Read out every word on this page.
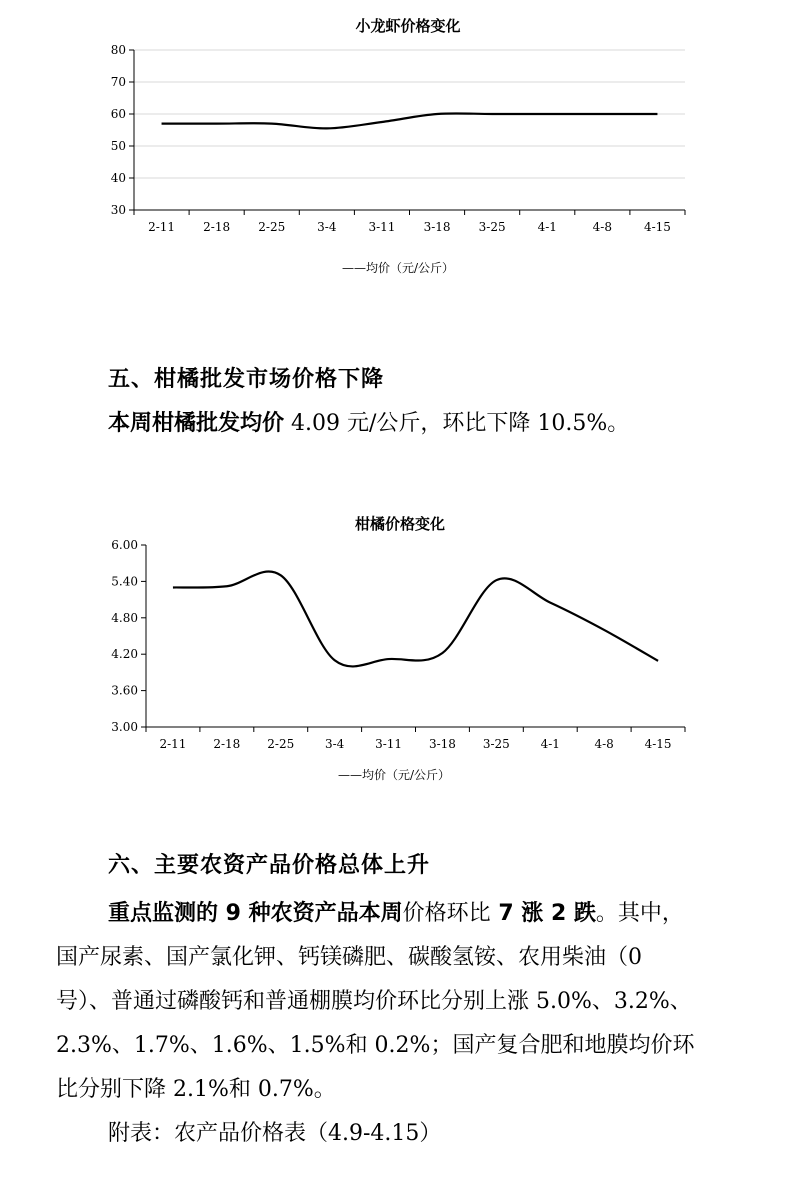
小龙虾价格变化
——均价（元/公斤）
30
40
50
60
70
80
2-11 2-18 2-25	3-4	3-11 3-18 3-25	4-1	4-8	4-15
五、柑橘批发市场价格下降
本周柑橘批发均价 4.09 元/公斤，环比下降 10.5%。
柑橘价格变化
——均价（元/公斤）
3.00
3.60
4.20
4.80
5.40
6.00
2-11 2-18 2-25	3-4	3-11 3-18 3-25	4-1	4-8	4-15
六、主要农资产品价格总体上升
重点监测的 9 种农资产品本周价格环比 7 涨 2 跌。其中，
国产尿素、国产氯化钾、钙镁磷肥、碳酸氢铵、农用柴油（0
号）、普通过磷酸钙和普通棚膜均价环比分别上涨 5.0%、3.2%、
2.3%、1.7%、1.6%、1.5%和 0.2%；国产复合肥和地膜均价环
比分别下降 2.1%和 0.7%。
附表：农产品价格表（4.9-4.15）
